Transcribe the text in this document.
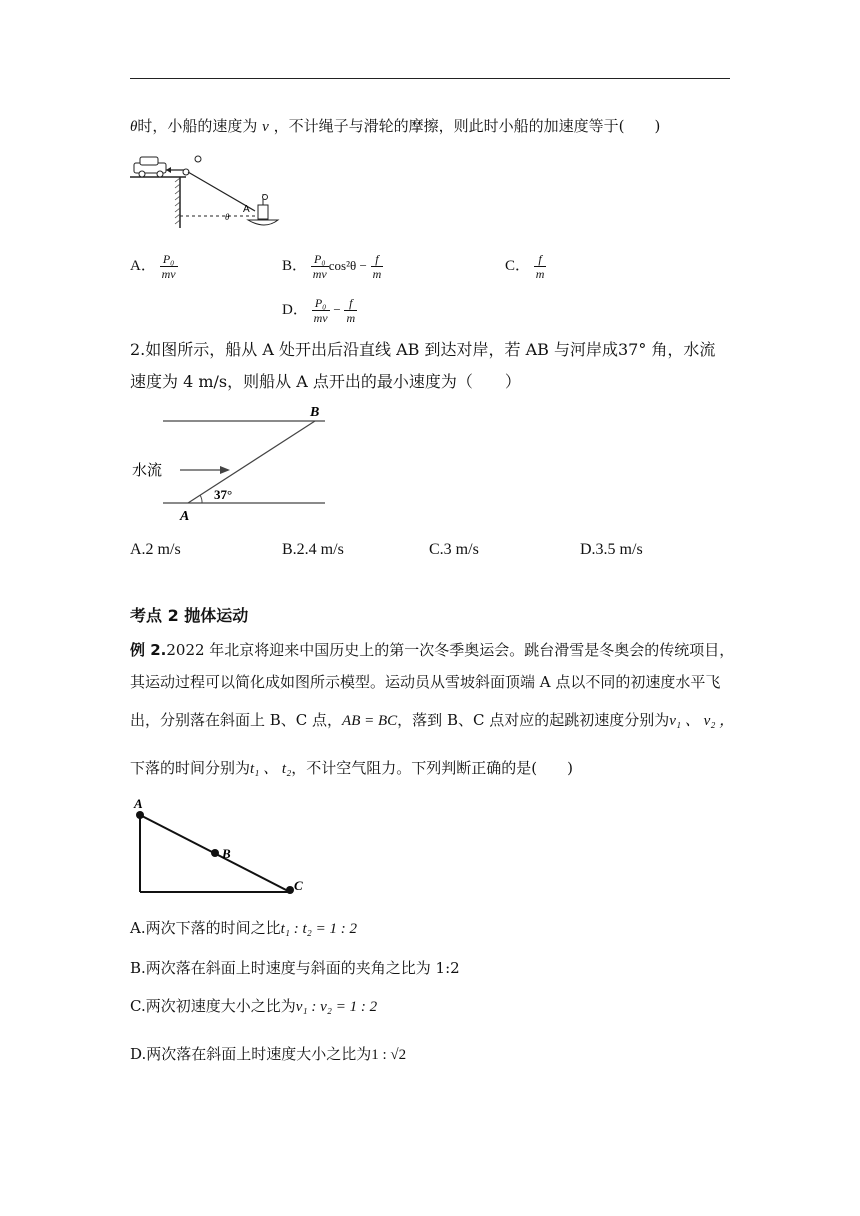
θ时，小船的速度为 v ，不计绳子与滑轮的摩擦，则此时小船的加速度等于(　　)
A
θ
A． $\frac{\text{P₀}}{mv}$	B． $\frac{\text{P₀}}{mv} \cos^2\theta - \frac{f}{m}$	C． $\frac{f}{m}$
D． $\frac{\text{P₀}}{mv} - \frac{f}{m}$
2.如图所示，船从 A 处开出后沿直线 AB 到达对岸，若 AB 与河岸成37° 角，水流
速度为 4 m/s，则船从 A 点开出的最小速度为（　　）
B
A
水流
37°
A.2 m/s	B.2.4 m/s	C.3 m/s	D.3.5 m/s
考点 2 抛体运动
例 2.2022 年北京将迎来中国历史上的第一次冬季奥运会。跳台滑雪是冬奥会的传统项目，
其运动过程可以简化成如图所示模型。运动员从雪坡斜面顶端 A 点以不同的初速度水平飞
出，分别落在斜面上 B、C 点，AB = BC，落到 B、C 点对应的起跳初速度分别为v₁ 、 v₂ ，
下落的时间分别为t₁ 、 t₂，不计空气阻力。下列判断正确的是(　　)
A
B
C
A.两次下落的时间之比t₁ : t₂ = 1 : 2
B.两次落在斜面上时速度与斜面的夹角之比为 1:2
C.两次初速度大小之比为v₁ : v₂ = 1 : 2
D.两次落在斜面上时速度大小之比为1 : √2
